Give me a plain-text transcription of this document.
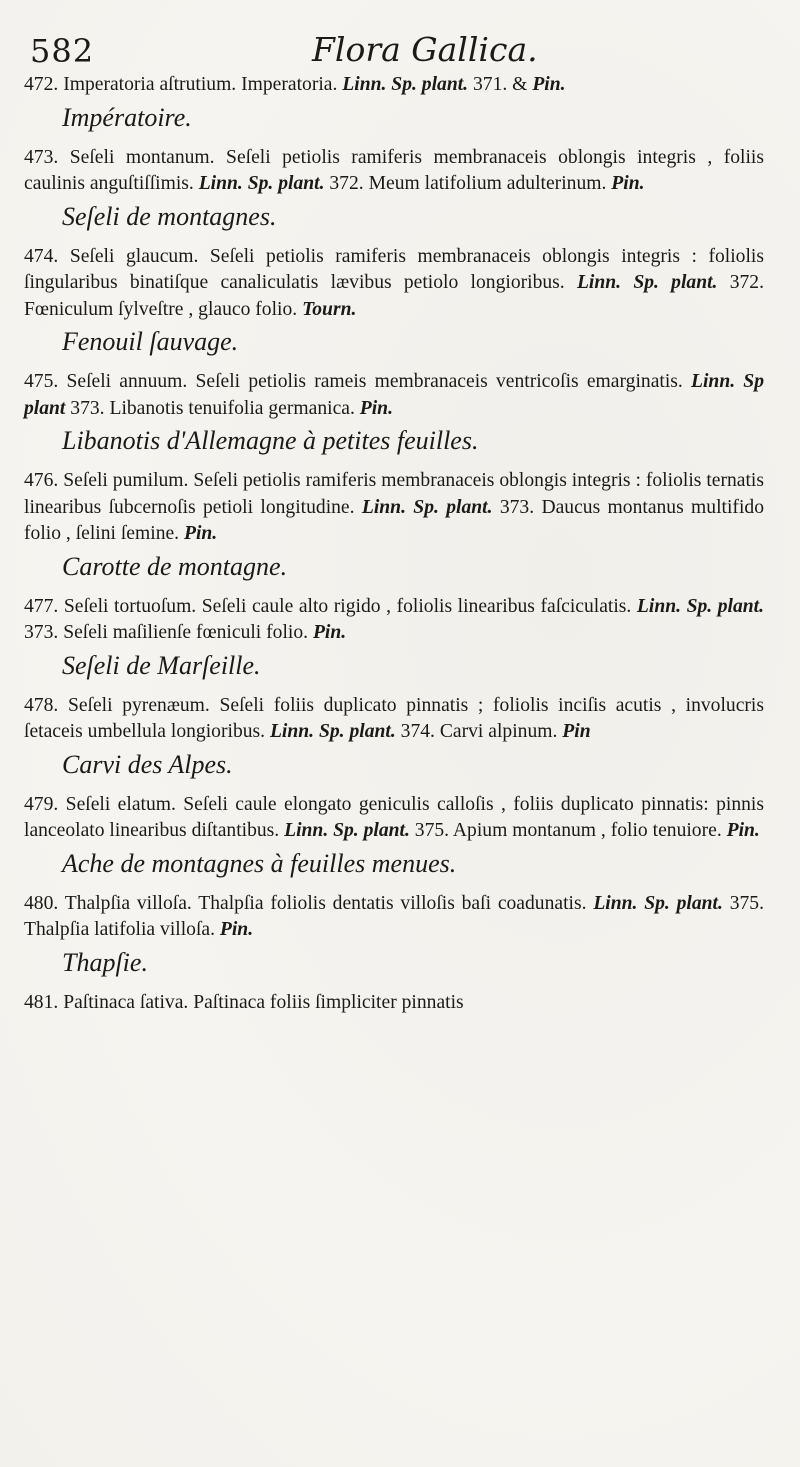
582	Flora Gallica.

472. Imperatoria aſtrutium. Imperatoria. Linn. Sp. plant. 371. & Pin.

Impératoire.

473. Seſeli montanum. Seſeli petiolis ramiferis membranaceis oblongis integris , foliis caulinis anguſtiſſimis. Linn. Sp. plant. 372. Meum latifolium adulterinum. Pin.

Seſeli de montagnes.

474. Seſeli glaucum. Seſeli petiolis ramiferis membranaceis oblongis integris : foliolis ſingularibus binatiſque canaliculatis lævibus petiolo longioribus. Linn. Sp. plant. 372. Fœniculum ſylveſtre , glauco folio. Tourn.

Fenouil ſauvage.

475. Seſeli annuum. Seſeli petiolis rameis membranaceis ventricoſis emarginatis. Linn. Sp plant 373. Libanotis tenuifolia germanica. Pin.

Libanotis d'Allemagne à petites feuilles.

476. Seſeli pumilum. Seſeli petiolis ramiferis membranaceis oblongis integris : foliolis ternatis linearibus ſubcernoſis petioli longitudine. Linn. Sp. plant. 373. Daucus montanus multifido folio , ſelini ſemine. Pin.

Carotte de montagne.

477. Seſeli tortuoſum. Seſeli caule alto rigido , foliolis linearibus faſciculatis. Linn. Sp. plant. 373. Seſeli maſilienſe fœniculi folio. Pin.

Seſeli de Marſeille.

478. Seſeli pyrenæum. Seſeli foliis duplicato pinnatis ; foliolis inciſis acutis , involucris ſetaceis umbellula longioribus. Linn. Sp. plant. 374. Carvi alpinum. Pin

Carvi des Alpes.

479. Seſeli elatum. Seſeli caule elongato geniculis calloſis , foliis duplicato pinnatis: pinnis lanceolato linearibus diſtantibus. Linn. Sp. plant. 375. Apium montanum , folio tenuiore. Pin.

Ache de montagnes à feuilles menues.

480. Thalpſia villoſa. Thalpſia foliolis dentatis villoſis baſi coadunatis. Linn. Sp. plant. 375. Thalpſia latifolia villoſa. Pin.

Thapſie.

481. Paſtinaca ſativa. Paſtinaca foliis ſimpliciter pinnatis
